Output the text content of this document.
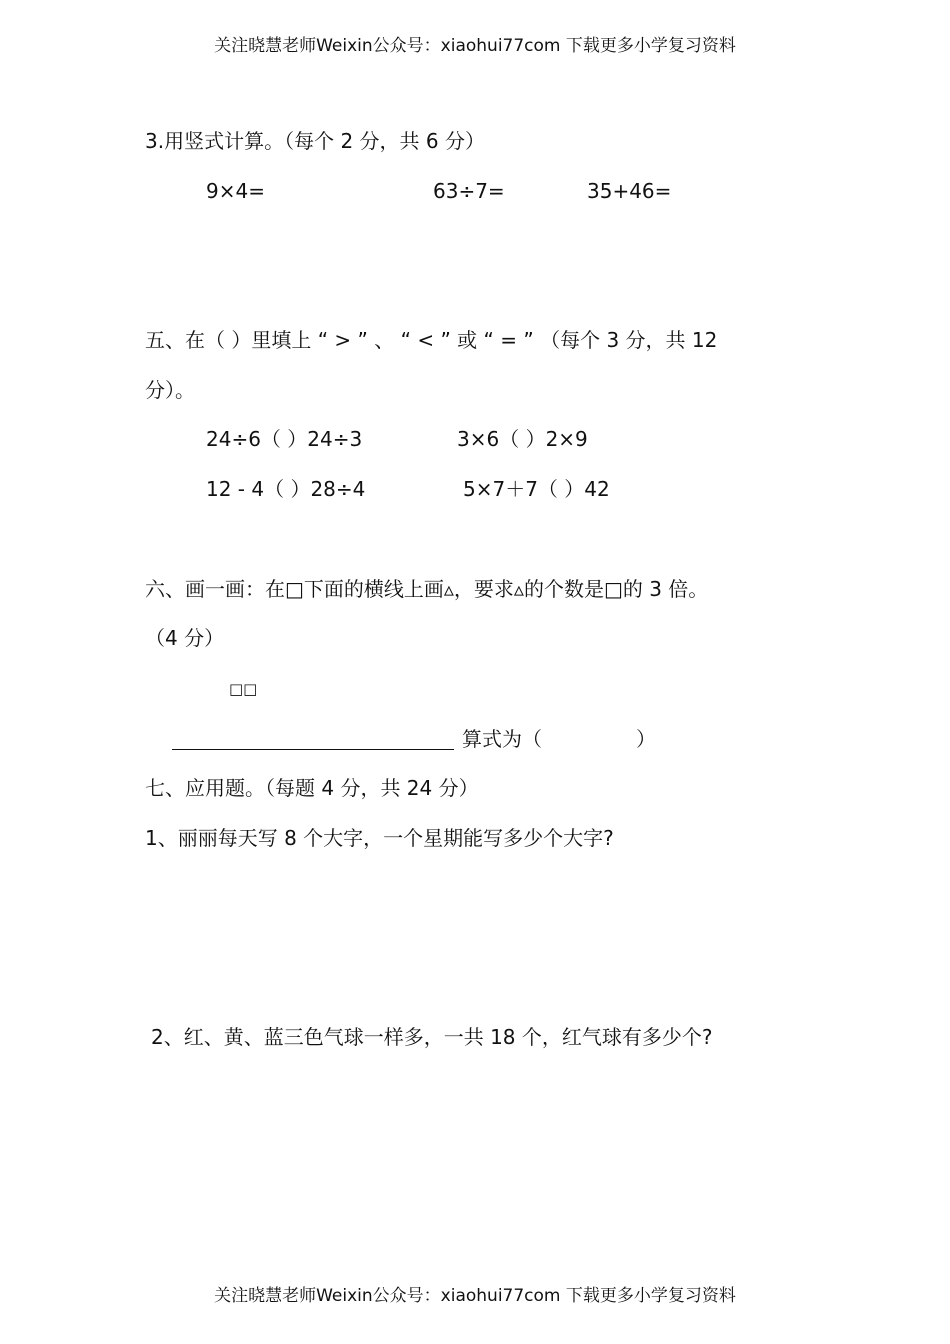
关注晓慧老师Weixin公众号：xiaohui77com 下载更多小学复习资料
3.用竖式计算。（每个 2 分，共 6 分）
9×4=	63÷7=	35+46=
五、在（ ）里填上 “ > ” 、 “ < ” 或 “ = ” （每个 3 分，共 12
分）。
24÷6（ ）24÷3	3×6（ ）2×9
12 - 4（ ）28÷4	5×7＋7（ ）42
六、画一画：在□下面的横线上画▵，要求▵的个数是□的 3 倍。
（4 分）
□□
算式为（	）
七、应用题。（每题 4 分，共 24 分）
1、丽丽每天写 8 个大字，一个星期能写多少个大字?
2、红、黄、蓝三色气球一样多，一共 18 个，红气球有多少个?
关注晓慧老师Weixin公众号：xiaohui77com 下载更多小学复习资料
